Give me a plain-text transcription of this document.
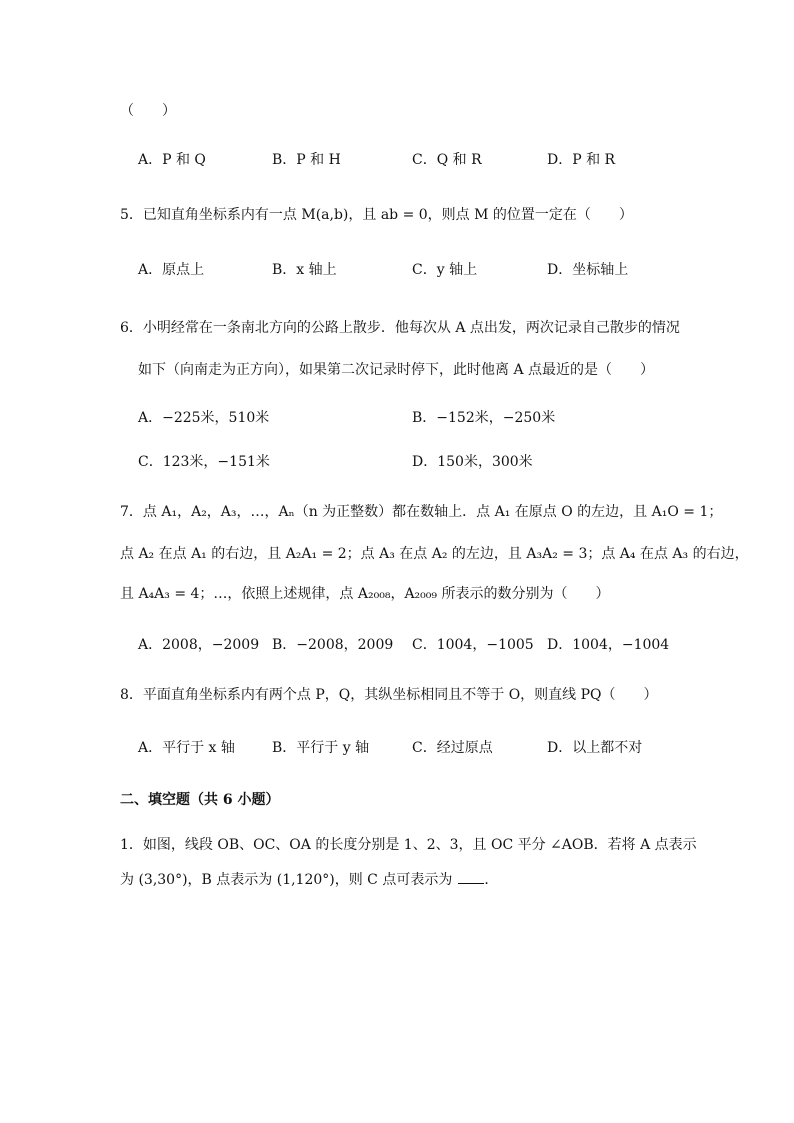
（　　）
A．P 和 Q	B．P 和 H	C．Q 和 R	D．P 和 R
5．已知直角坐标系内有一点 M(a,b)，且 ab = 0，则点 M 的位置一定在（　　）
A．原点上	B．x 轴上	C．y 轴上	D．坐标轴上
6．小明经常在一条南北方向的公路上散步．他每次从 A 点出发，两次记录自己散步的情况
如下（向南走为正方向），如果第二次记录时停下，此时他离 A 点最近的是（　　）
A．−225米，510米	B．−152米，−250米
C．123米，−151米	D．150米，300米
7．点 A₁，A₂，A₃，…，Aₙ（n 为正整数）都在数轴上．点 A₁ 在原点 O 的左边，且 A₁O = 1；
点 A₂ 在点 A₁ 的右边，且 A₂A₁ = 2；点 A₃ 在点 A₂ 的左边，且 A₃A₂ = 3；点 A₄ 在点 A₃ 的右边，
且 A₄A₃ = 4；…，依照上述规律，点 A₂₀₀₈，A₂₀₀₉ 所表示的数分别为（　　）
A．2008，−2009 B．−2008，2009 C．1004，−1005 D．1004，−1004
8．平面直角坐标系内有两个点 P，Q，其纵坐标相同且不等于 O，则直线 PQ（　　）
A．平行于 x 轴	B．平行于 y 轴	C．经过原点	D．以上都不对
二、填空题（共 6 小题）
1．如图，线段 OB、OC、OA 的长度分别是 1、2、3，且 OC 平分 ∠AOB．若将 A 点表示
为 (3,30°)，B 点表示为 (1,120°)，则 C 点可表示为 ．
